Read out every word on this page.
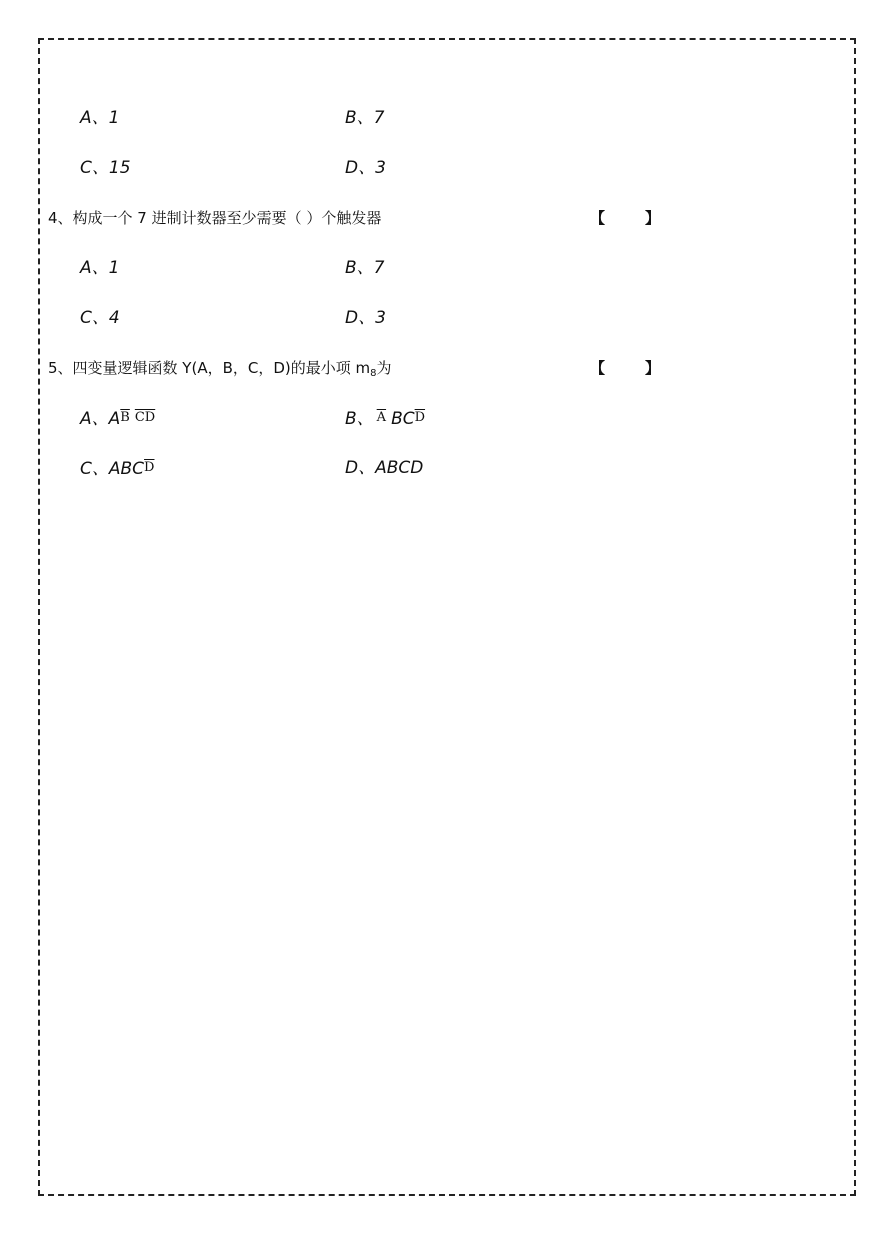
A、1	B、7
C、15	D、3
4、构成一个 7 进制计数器至少需要（ ）个触发器	【	】
A、1	B、7
C、4	D、3
5、四变量逻辑函数 Y(A，B，C，D)的最小项 $m_8$为	【	】
A、$A\overline{B}$ $\overline{CD}$	B、 $\overline{A}$ $BC\overline{D}$
C、$ABC\overline{D}$	D、ABCD
